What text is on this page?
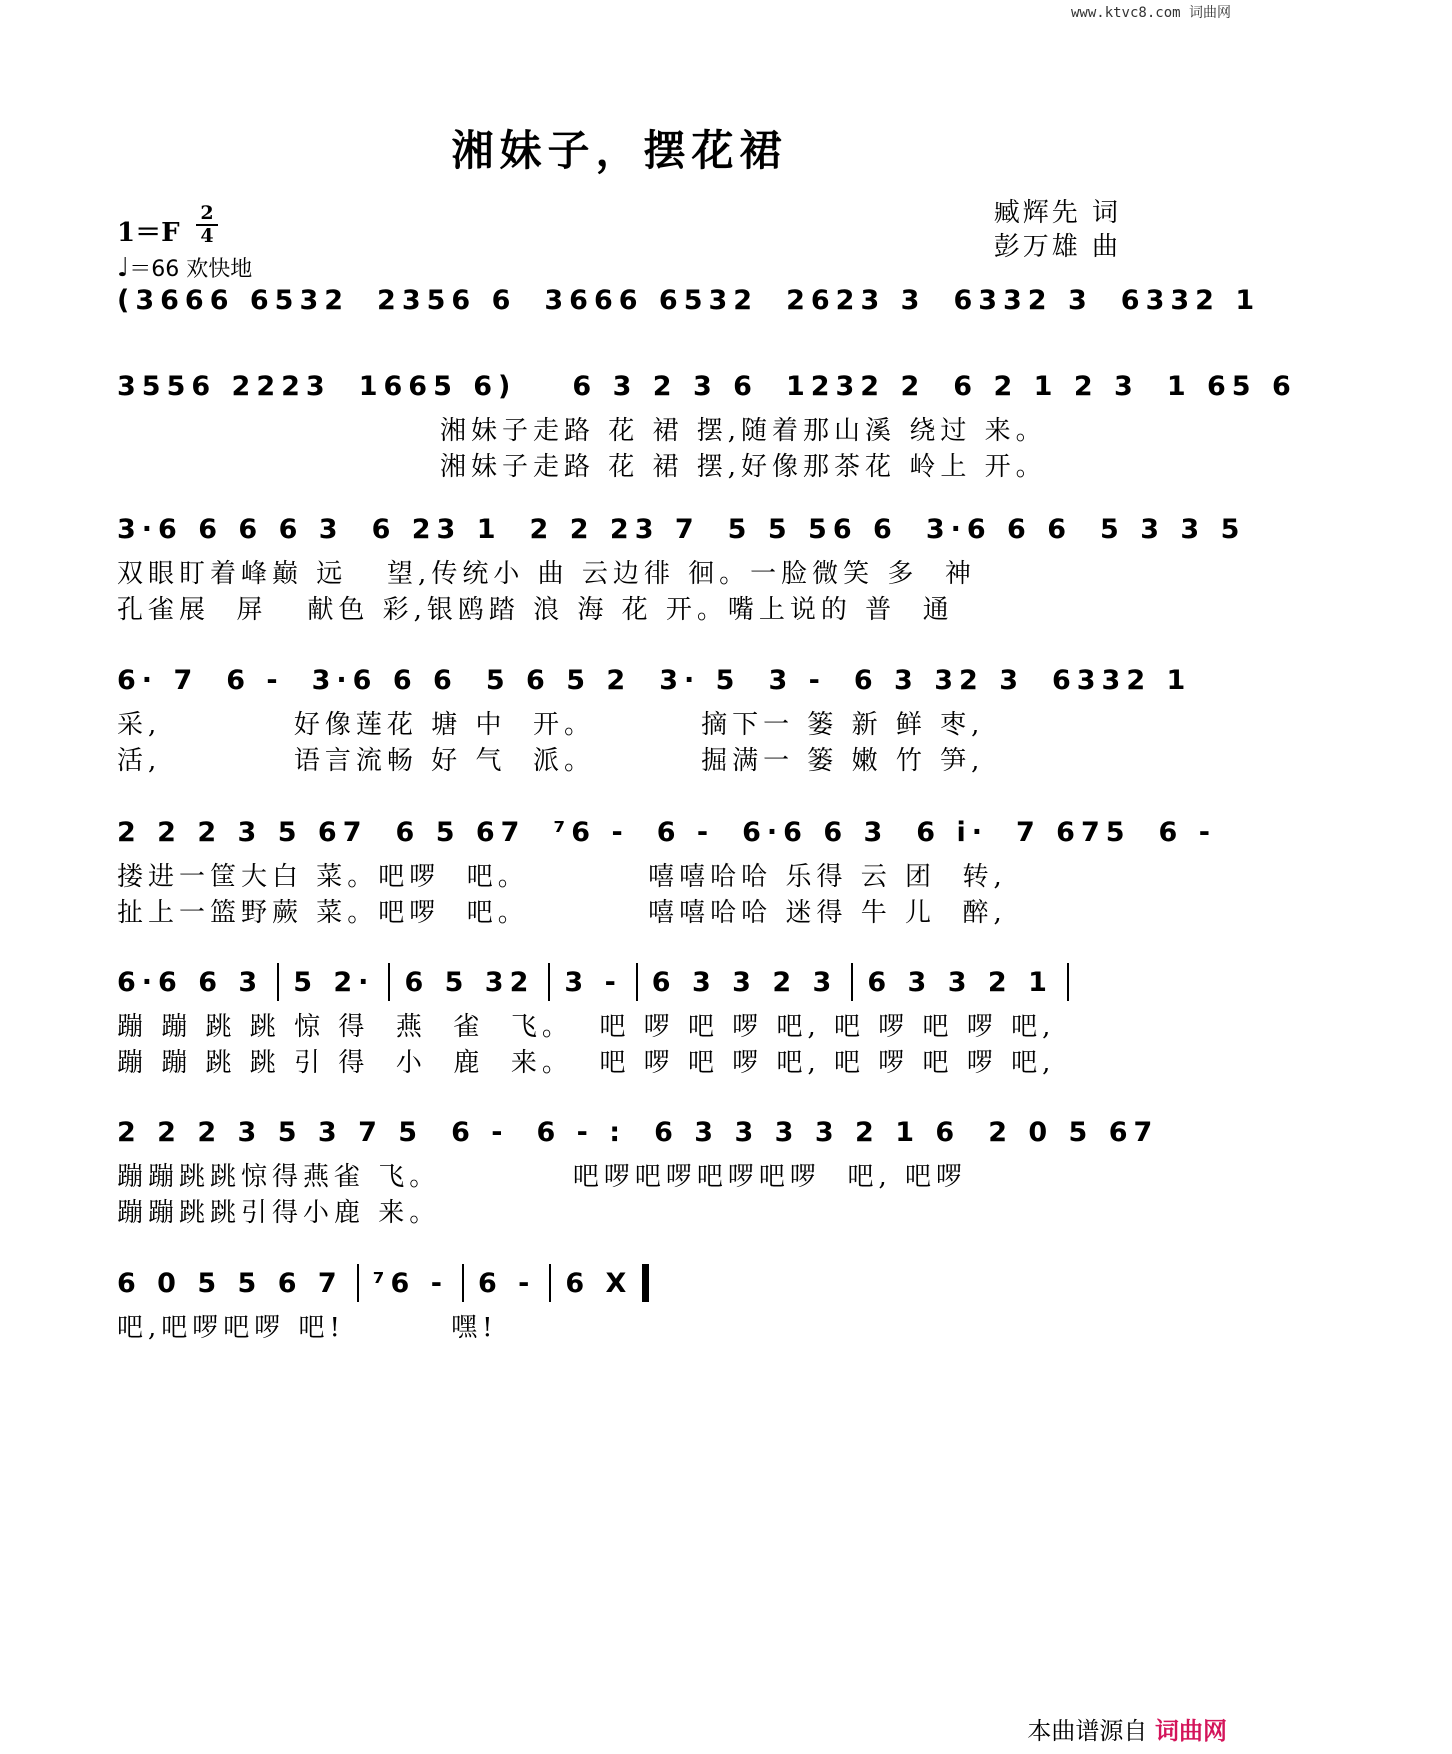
www.ktvc8.com 词曲网
湘妹子，摆花裙
1＝F
2
4
♩＝66 欢快地
臧辉先 词
彭万雄 曲
(3666 6532 2356 6 3666 6532 2623 3 6332 3 6332 1
3556 2223 1665 6) 6 3 2 3 6 1232 2 6 2 1 2 3 1 65 6
湘妹子走路 花 裙 摆,随着那山溪 绕过 来。
湘妹子走路 花 裙 摆,好像那茶花 岭上 开。
3·6 6 6 6 3 6 23 1 2 2 23 7 5 5 56 6 3·6 6 6 5 3 3 5
双眼盯着峰巅 远   望,传统小 曲 云边徘 徊。一脸微笑 多  神
孔雀展  屏   献色 彩,银鸥踏 浪 海 花 开。嘴上说的 普  通
6· 7 6 - 3·6 6 6 5 6 5 2 3· 5 3 - 6 3 32 3 6332 1
采,          好像莲花 塘 中  开。        摘下一 篓 新 鲜 枣,
活,          语言流畅 好 气  派。        掘满一 篓 嫩 竹 笋,
2 2 2 3 5 67 6 5 67 ⁷6 - 6 - 6·6 6 3 6 i· 7 675 6 -
搂进一筐大白 菜。吧啰  吧。         嘻嘻哈哈 乐得 云 团  转,
扯上一篮野蕨 菜。吧啰  吧。         嘻嘻哈哈 迷得 牛 儿  醉,
6·6 6 3 5 2· 6 5 32 3 - 6 3 3 2 3 6 3 3 2 1
蹦 蹦 跳 跳 惊 得  燕  雀  飞。  吧 啰 吧 啰 吧, 吧 啰 吧 啰 吧,
蹦 蹦 跳 跳 引 得  小  鹿  来。  吧 啰 吧 啰 吧, 吧 啰 吧 啰 吧,
2 2 2 3 5 3 7 5 6 - 6 - : 6 3 3 3 3 2 1 6 2 0 5 67
蹦蹦跳跳惊得燕雀 飞。          吧啰吧啰吧啰吧啰  吧, 吧啰
蹦蹦跳跳引得小鹿 来。
6 0 5 5 6 7 ⁷6 - 6 - 6 X
吧,吧啰吧啰 吧!        嘿!
本曲谱源自 词曲网
